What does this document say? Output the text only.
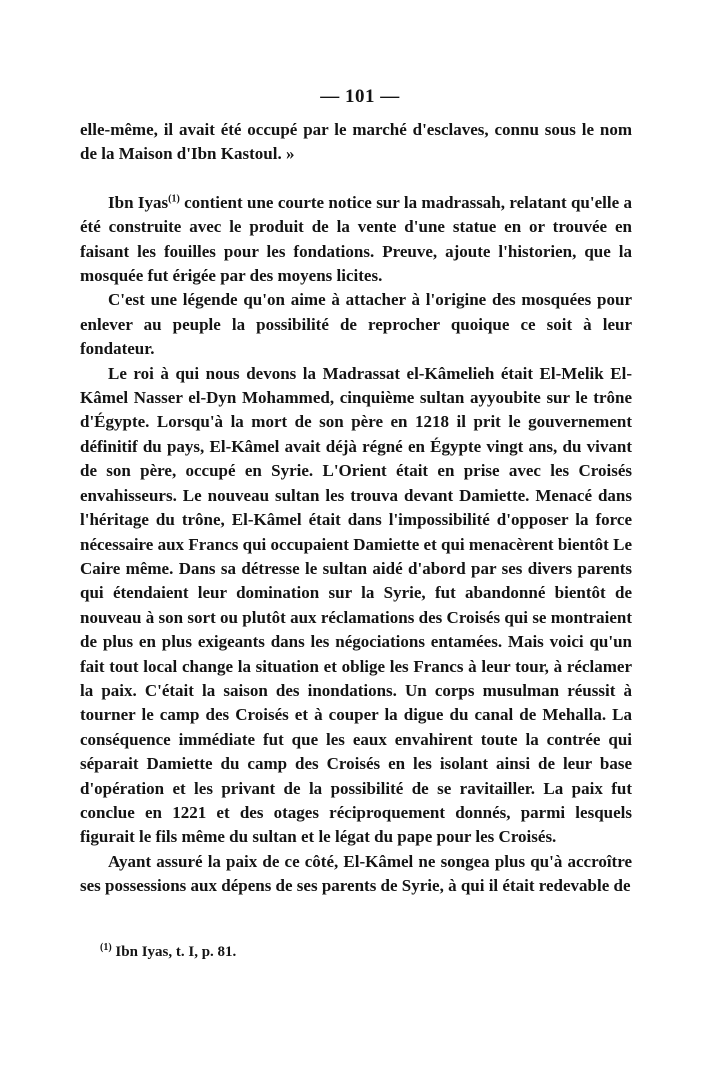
— 101 —

elle-même, il avait été occupé par le marché d'esclaves, connu sous le nom de la Maison d'Ibn Kastoul. »

Ibn Iyas$^{(1)}$ contient une courte notice sur la madrassah, relatant qu'elle a été construite avec le produit de la vente d'une statue en or trouvée en faisant les fouilles pour les fondations. Preuve, ajoute l'historien, que la mosquée fut érigée par des moyens licites.

C'est une légende qu'on aime à attacher à l'origine des mosquées pour enlever au peuple la possibilité de reprocher quoique ce soit à leur fondateur.

Le roi à qui nous devons la Madrassat el-Kâmelieh était El-Melik El-Kâmel Nasser el-Dyn Mohammed, cinquième sultan ayyoubite sur le trône d'Égypte. Lorsqu'à la mort de son père en 1218 il prit le gouvernement définitif du pays, El-Kâmel avait déjà régné en Égypte vingt ans, du vivant de son père, occupé en Syrie. L'Orient était en prise avec les Croisés envahisseurs. Le nouveau sultan les trouva devant Damiette. Menacé dans l'héritage du trône, El-Kâmel était dans l'impossibilité d'opposer la force nécessaire aux Francs qui occupaient Damiette et qui menacèrent bientôt Le Caire même. Dans sa détresse le sultan aidé d'abord par ses divers parents qui étendaient leur domination sur la Syrie, fut abandonné bientôt de nouveau à son sort ou plutôt aux réclamations des Croisés qui se montraient de plus en plus exigeants dans les négociations entamées. Mais voici qu'un fait tout local change la situation et oblige les Francs à leur tour, à réclamer la paix. C'était la saison des inondations. Un corps musulman réussit à tourner le camp des Croisés et à couper la digue du canal de Mehalla. La conséquence immédiate fut que les eaux envahirent toute la contrée qui séparait Damiette du camp des Croisés en les isolant ainsi de leur base d'opération et les privant de la possibilité de se ravitailler. La paix fut conclue en 1221 et des otages réciproquement donnés, parmi lesquels figurait le fils même du sultan et le légat du pape pour les Croisés.

Ayant assuré la paix de ce côté, El-Kâmel ne songea plus qu'à accroître ses possessions aux dépens de ses parents de Syrie, à qui il était redevable de

$^{(1)}$ Ibn Iyas, t. I, p. 81.
